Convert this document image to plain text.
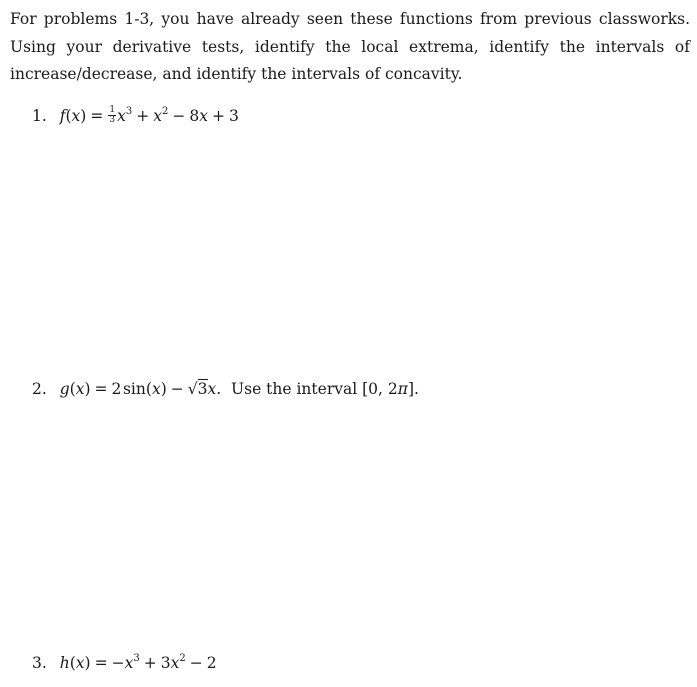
For problems 1-3, you have already seen these functions from previous classworks. Using your derivative tests, identify the local extrema, identify the intervals of increase/decrease, and identify the intervals of concavity.
1. $f(x) = \frac{1}{3} x^3 + x^2 - 8x + 3$
2. g(x) = 2 sin(x) − √3x.  Use the interval [0, 2π].
3. $h(x) = -x^3 + 3x^2 - 2$
